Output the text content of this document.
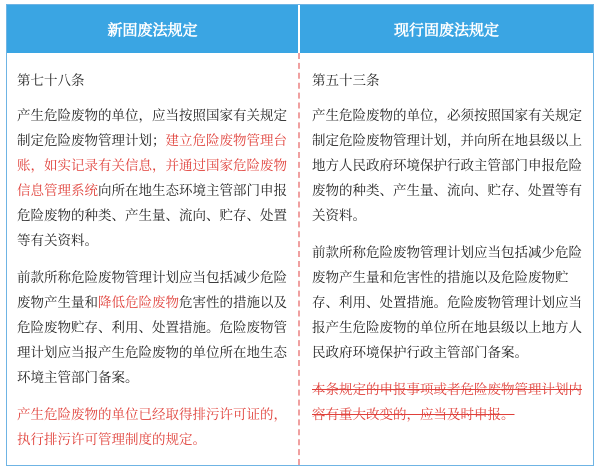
新固废法规定	现行固废法规定
第七十八条

产生危险废物的单位，应当按照国家有关规定制定危险废物管理计划；建立危险废物管理台账，如实记录有关信息，并通过国家危险废物信息管理系统向所在地生态环境主管部门申报危险废物的种类、产生量、流向、贮存、处置等有关资料。

前款所称危险废物管理计划应当包括减少危险废物产生量和降低危险废物危害性的措施以及危险废物贮存、利用、处置措施。危险废物管理计划应当报产生危险废物的单位所在地生态环境主管部门备案。

产生危险废物的单位已经取得排污许可证的，执行排污许可管理制度的规定。

第五十三条

产生危险废物的单位，必须按照国家有关规定制定危险废物管理计划，并向所在地县级以上地方人民政府环境保护行政主管部门申报危险废物的种类、产生量、流向、贮存、处置等有关资料。

前款所称危险废物管理计划应当包括减少危险废物产生量和危害性的措施以及危险废物贮存、利用、处置措施。危险废物管理计划应当报产生危险废物的单位所在地县级以上地方人民政府环境保护行政主管部门备案。

本条规定的申报事项或者危险废物管理计划内容有重大改变的，应当及时申报。
